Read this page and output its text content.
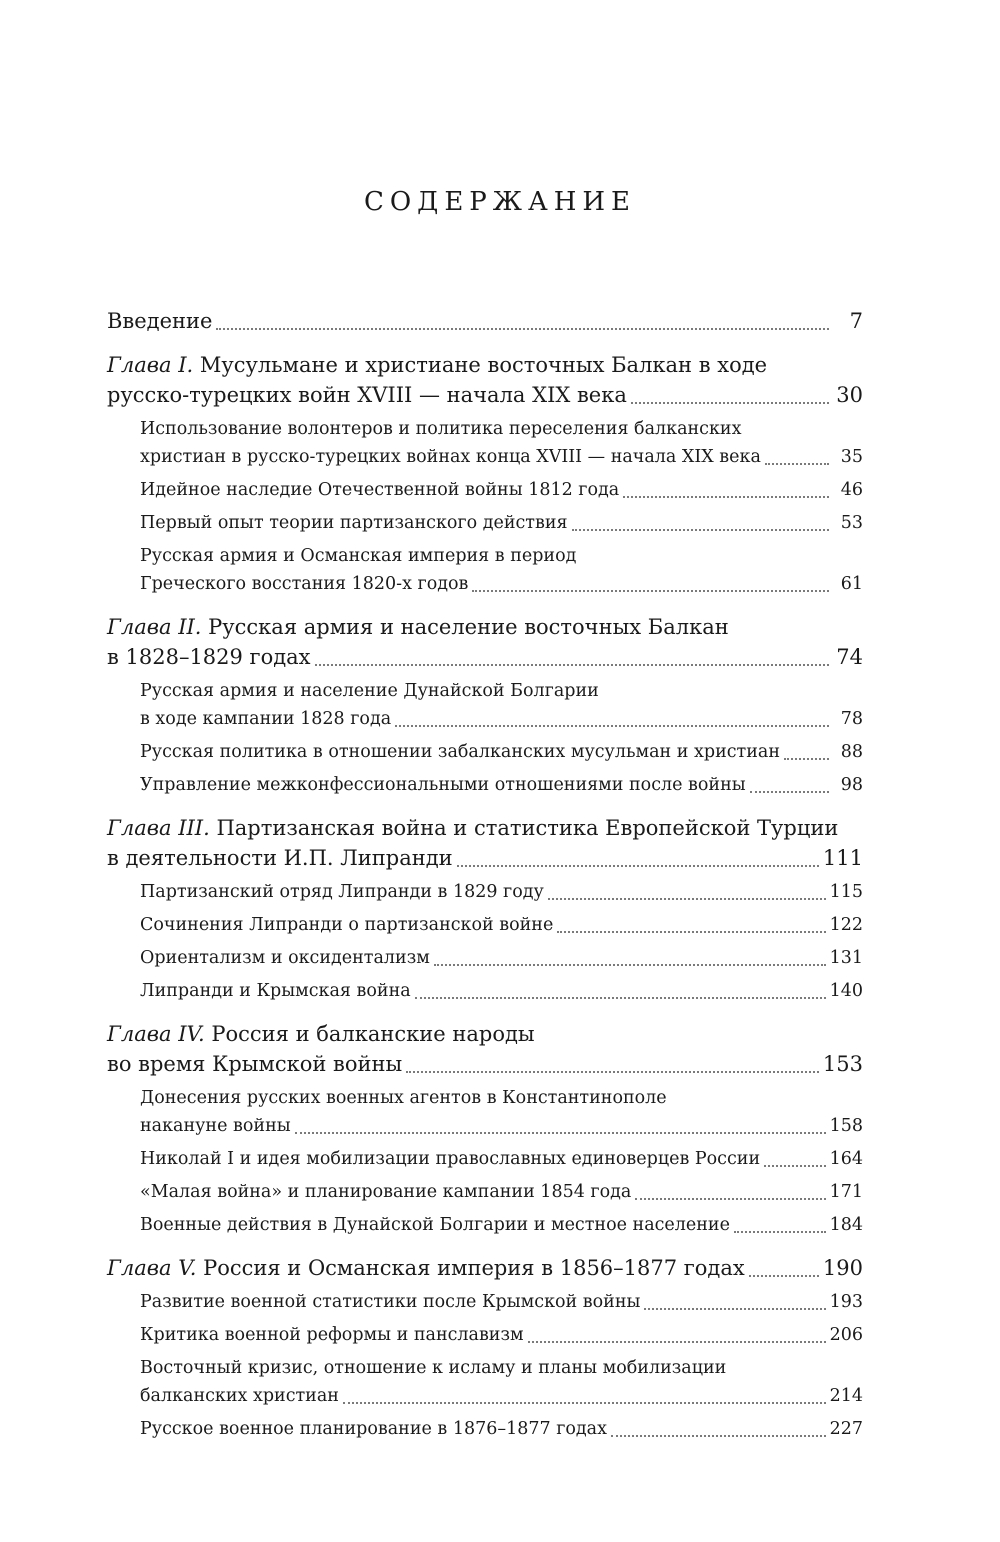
СОДЕРЖАНИЕ
Введение	7
Глава I. Мусульмане и христиане восточных Балкан в ходе
русско-турецких войн XVIII — начала XIX века	30
Использование волонтеров и политика переселения балканских
христиан в русско-турецких войнах конца XVIII — начала XIX века	35
Идейное наследие Отечественной войны 1812 года	46
Первый опыт теории партизанского действия	53
Русская армия и Османская империя в период
Греческого восстания 1820-х годов	61
Глава II. Русская армия и население восточных Балкан
в 1828–1829 годах	74
Русская армия и население Дунайской Болгарии
в ходе кампании 1828 года	78
Русская политика в отношении забалканских мусульман и христиан	88
Управление межконфессиональными отношениями после войны	98
Глава III. Партизанская война и статистика Европейской Турции
в деятельности И.П. Липранди	111
Партизанский отряд Липранди в 1829 году	115
Сочинения Липранди о партизанской войне	122
Ориентализм и оксидентализм	131
Липранди и Крымская война	140
Глава IV. Россия и балканские народы
во время Крымской войны	153
Донесения русских военных агентов в Константинополе
накануне войны	158
Николай I и идея мобилизации православных единоверцев России	164
«Малая война» и планирование кампании 1854 года	171
Военные действия в Дунайской Болгарии и местное население	184
Глава V. Россия и Османская империя в 1856–1877 годах	190
Развитие военной статистики после Крымской войны	193
Критика военной реформы и панславизм	206
Восточный кризис, отношение к исламу и планы мобилизации
балканских христиан	214
Русское военное планирование в 1876–1877 годах	227
